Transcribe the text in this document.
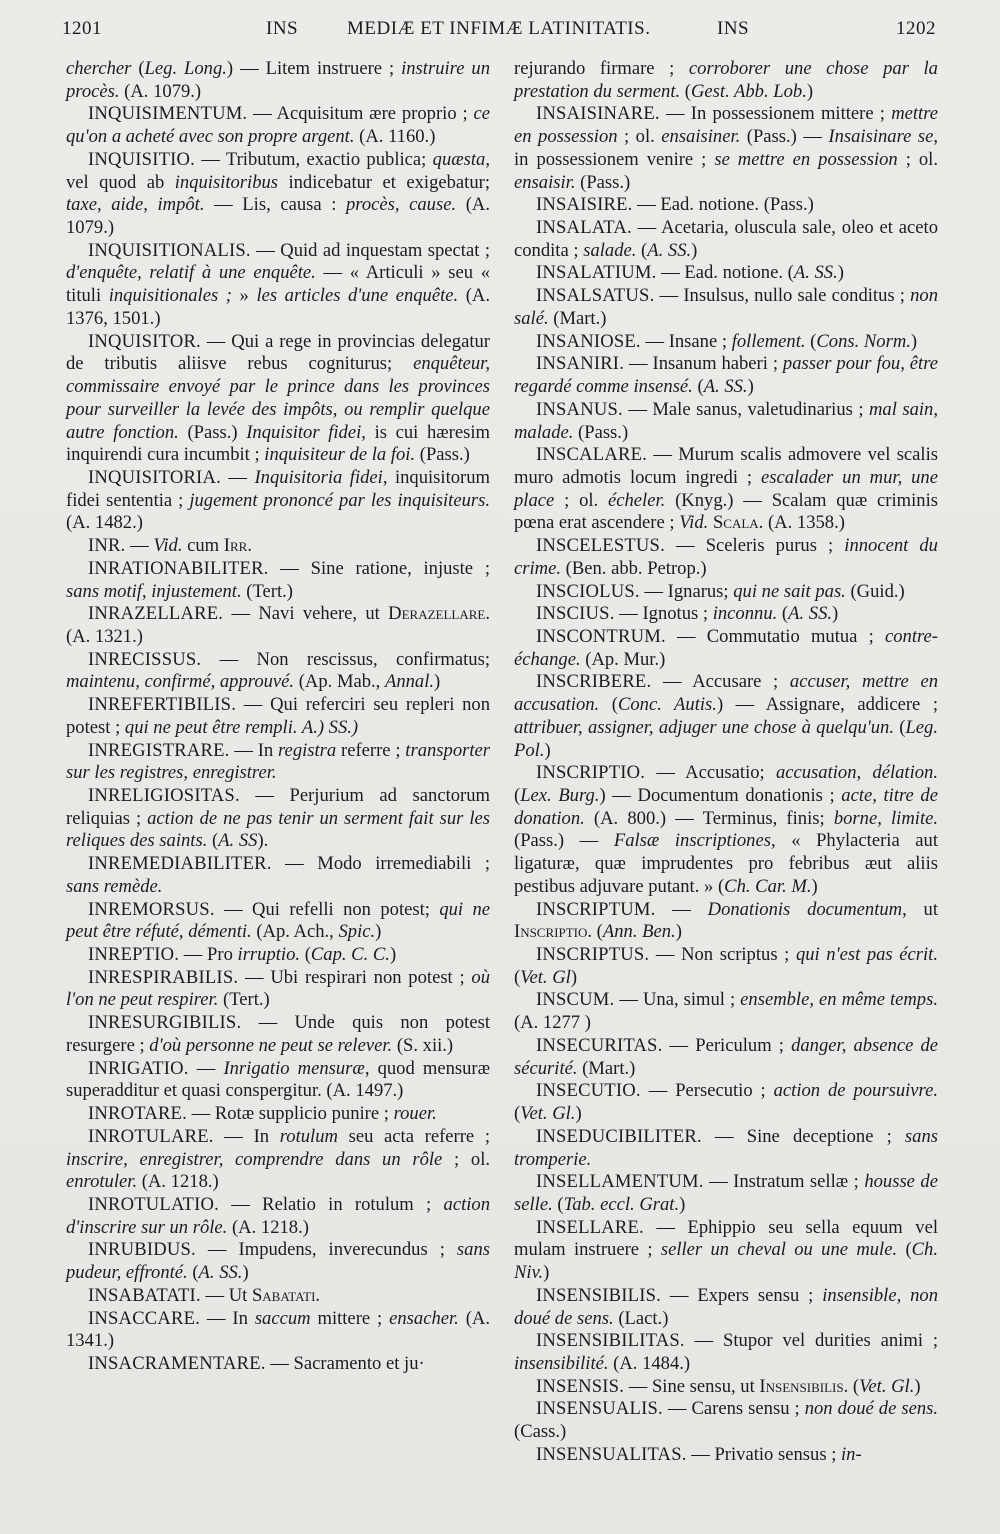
1201	INS	MEDIÆ ET INFIMÆ LATINITATIS.	INS	1202

chercher (Leg. Long.) — Litem instruere ; instruire un procès. (A. 1079.)

INQUISIMENTUM. — Acquisitum ære proprio ; ce qu'on a acheté avec son propre argent. (A. 1160.)

INQUISITIO. — Tributum, exactio publica; quæsta, vel quod ab inquisitoribus indicebatur et exigebatur; taxe, aide, impôt. — Lis, causa : procès, cause. (A. 1079.)

INQUISITIONALIS. — Quid ad inquestam spectat ; d'enquête, relatif à une enquête. — « Articuli » seu « tituli inquisitionales ; » les articles d'une enquête. (A. 1376, 1501.)

INQUISITOR. — Qui a rege in provincias delegatur de tributis aliisve rebus cogniturus; enquêteur, commissaire envoyé par le prince dans les provinces pour surveiller la levée des impôts, ou remplir quelque autre fonction. (Pass.) Inquisitor fidei, is cui hæresim inquirendi cura incumbit ; inquisiteur de la foi. (Pass.)

INQUISITORIA. — Inquisitoria fidei, inquisitorum fidei sententia ; jugement prononcé par les inquisiteurs. (A. 1482.)

INR. — Vid. cum Irr.

INRATIONABILITER. — Sine ratione, injuste ; sans motif, injustement. (Tert.)

INRAZELLARE. — Navi vehere, ut Derazellare. (A. 1321.)

INRECISSUS. — Non rescissus, confirmatus; maintenu, confirmé, approuvé. (Ap. Mab., Annal.)

INREFERTIBILIS. — Qui referciri seu repleri non potest ; qui ne peut être rempli. A.) SS.)

INREGISTRARE. — In registra referre ; transporter sur les registres, enregistrer.

INRELIGIOSITAS. — Perjurium ad sanctorum reliquias ; action de ne pas tenir un serment fait sur les reliques des saints. (A. SS).

INREMEDIABILITER. — Modo irremediabili ; sans remède.

INREMORSUS. — Qui refelli non potest; qui ne peut être réfuté, démenti. (Ap. Ach., Spic.)

INREPTIO. — Pro irruptio. (Cap. C. C.)

INRESPIRABILIS. — Ubi respirari non potest ; où l'on ne peut respirer. (Tert.)

INRESURGIBILIS. — Unde quis non potest resurgere ; d'où personne ne peut se relever. (S. xii.)

INRIGATIO. — Inrigatio mensuræ, quod mensuræ superadditur et quasi conspergitur. (A. 1497.)

INROTARE. — Rotæ supplicio punire ; rouer.

INROTULARE. — In rotulum seu acta referre ; inscrire, enregistrer, comprendre dans un rôle ; ol. enrotuler. (A. 1218.)

INROTULATIO. — Relatio in rotulum ; action d'inscrire sur un rôle. (A. 1218.)

INRUBIDUS. — Impudens, inverecundus ; sans pudeur, effronté. (A. SS.)

INSABATATI. — Ut Sabatati.

INSACCARE. — In saccum mittere ; ensacher. (A. 1341.)

INSACRAMENTARE. — Sacramento et ju·

rejurando firmare ; corroborer une chose par la prestation du serment. (Gest. Abb. Lob.)

INSAISINARE. — In possessionem mittere ; mettre en possession ; ol. ensaisiner. (Pass.) — Insaisinare se, in possessionem venire ; se mettre en possession ; ol. ensaisir. (Pass.)

INSAISIRE. — Ead. notione. (Pass.)

INSALATA. — Acetaria, oluscula sale, oleo et aceto condita ; salade. (A. SS.)

INSALATIUM. — Ead. notione. (A. SS.)

INSALSATUS. — Insulsus, nullo sale conditus ; non salé. (Mart.)

INSANIOSE. — Insane ; follement. (Cons. Norm.)

INSANIRI. — Insanum haberi ; passer pour fou, être regardé comme insensé. (A. SS.)

INSANUS. — Male sanus, valetudinarius ; mal sain, malade. (Pass.)

INSCALARE. — Murum scalis admovere vel scalis muro admotis locum ingredi ; escalader un mur, une place ; ol. écheler. (Knyg.) — Scalam quæ criminis pœna erat ascendere ; Vid. Scala. (A. 1358.)

INSCELESTUS. — Sceleris purus ; innocent du crime. (Ben. abb. Petrop.)

INSCIOLUS. — Ignarus; qui ne sait pas. (Guid.)

INSCIUS. — Ignotus ; inconnu. (A. SS.)

INSCONTRUM. — Commutatio mutua ; contre-échange. (Ap. Mur.)

INSCRIBERE. — Accusare ; accuser, mettre en accusation. (Conc. Autis.) — Assignare, addicere ; attribuer, assigner, adjuger une chose à quelqu'un. (Leg. Pol.)

INSCRIPTIO. — Accusatio; accusation, délation. (Lex. Burg.) — Documentum donationis ; acte, titre de donation. (A. 800.) — Terminus, finis; borne, limite. (Pass.) — Falsæ inscriptiones, « Phylacteria aut ligaturæ, quæ imprudentes pro febribus æut aliis pestibus adjuvare putant. » (Ch. Car. M.)

INSCRIPTUM. — Donationis documentum, ut Inscriptio. (Ann. Ben.)

INSCRIPTUS. — Non scriptus ; qui n'est pas écrit. (Vet. Gl)

INSCUM. — Una, simul ; ensemble, en même temps. (A. 1277 )

INSECURITAS. — Periculum ; danger, absence de sécurité. (Mart.)

INSECUTIO. — Persecutio ; action de poursuivre. (Vet. Gl.)

INSEDUCIBILITER. — Sine deceptione ; sans tromperie.

INSELLAMENTUM. — Instratum sellæ ; housse de selle. (Tab. eccl. Grat.)

INSELLARE. — Ephippio seu sella equum vel mulam instruere ; seller un cheval ou une mule. (Ch. Niv.)

INSENSIBILIS. — Expers sensu ; insensible, non doué de sens. (Lact.)

INSENSIBILITAS. — Stupor vel durities animi ; insensibilité. (A. 1484.)

INSENSIS. — Sine sensu, ut Insensibilis. (Vet. Gl.)

INSENSUALIS. — Carens sensu ; non doué de sens. (Cass.)

INSENSUALITAS. — Privatio sensus ; in-
